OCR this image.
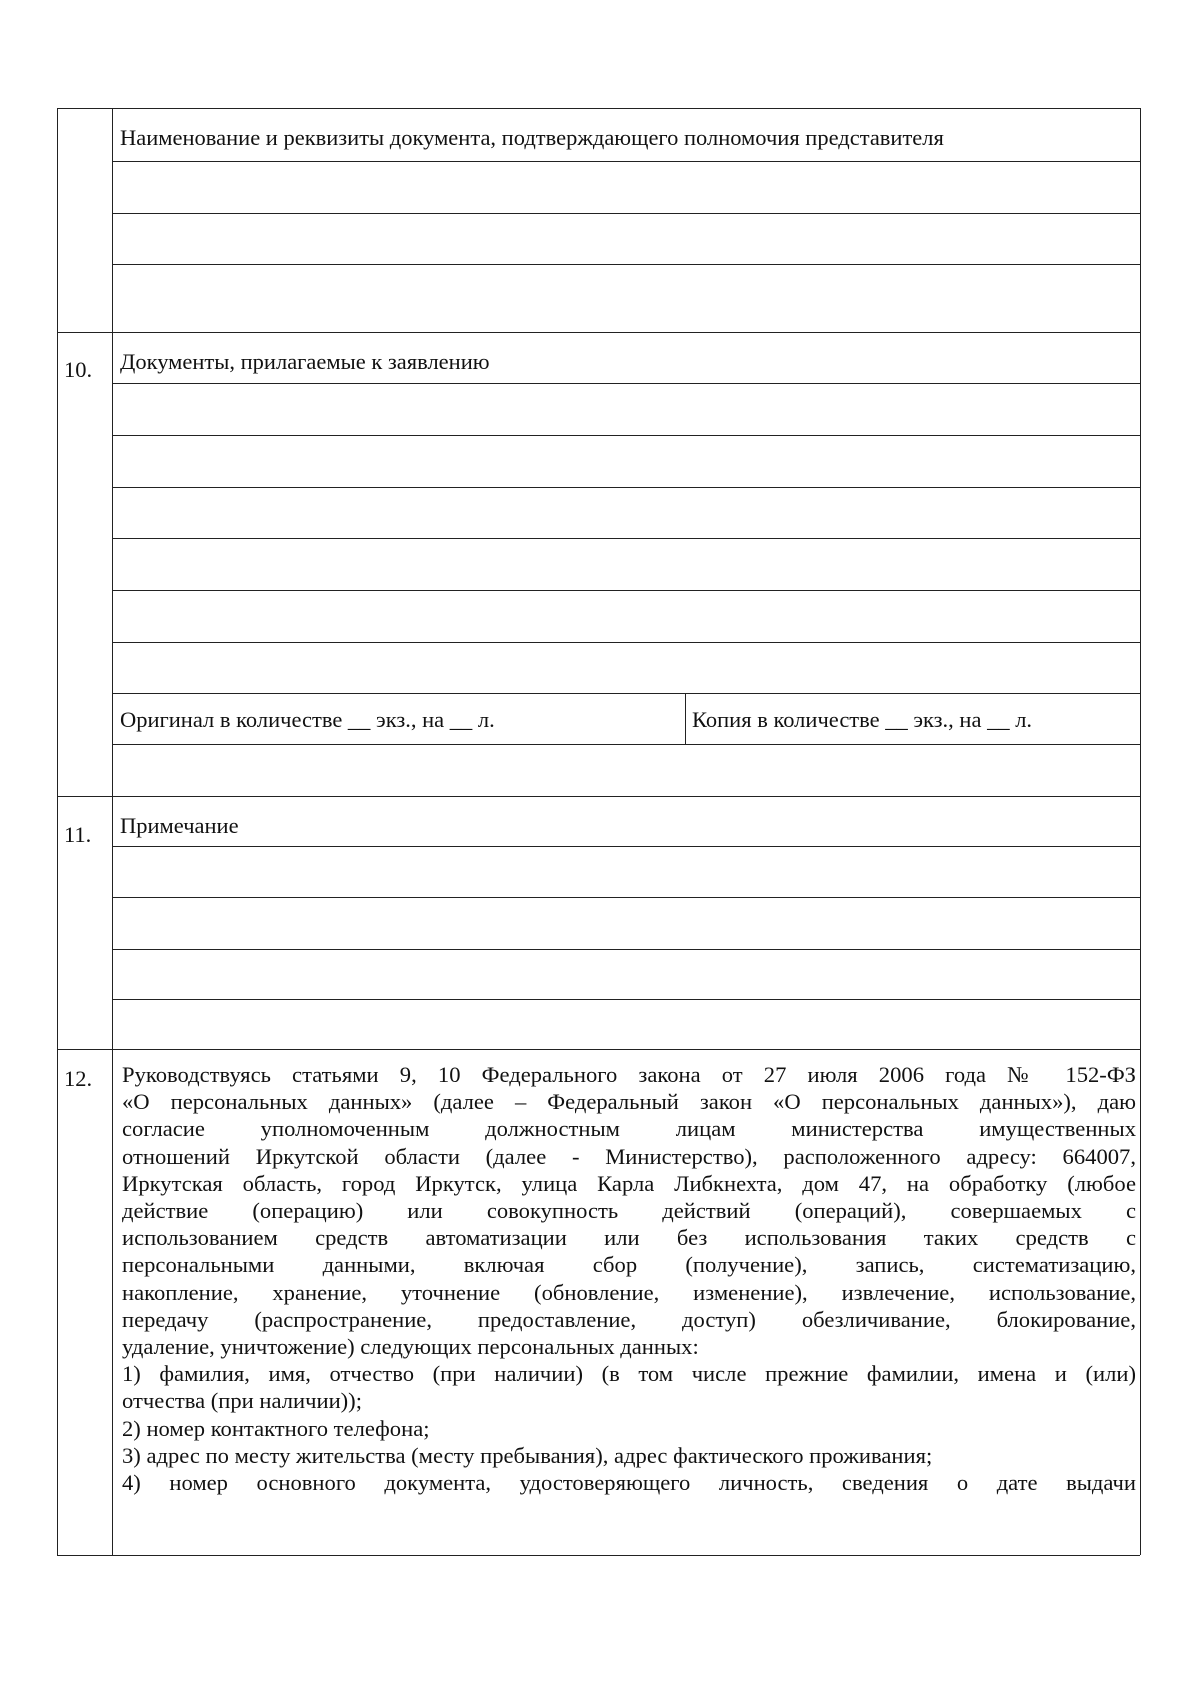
Наименование и реквизиты документа, подтверждающего полномочия представителя
10. Документы, прилагаемые к заявлению
Оригинал в количестве __ экз., на __ л.	Копия в количестве __ экз., на __ л.
11. Примечание
12. Руководствуясь статьями 9, 10 Федерального закона от 27 июля 2006 года № 152-ФЗ
«О персональных данных» (далее – Федеральный закон «О персональных данных»), даю
согласие уполномоченным должностным лицам министерства имущественных
отношений Иркутской области (далее - Министерство), расположенного адресу: 664007,
Иркутская область, город Иркутск, улица Карла Либкнехта, дом 47, на обработку (любое
действие (операцию) или совокупность действий (операций), совершаемых с
использованием средств автоматизации или без использования таких средств с
персональными данными, включая сбор (получение), запись, систематизацию,
накопление, хранение, уточнение (обновление, изменение), извлечение, использование,
передачу (распространение, предоставление, доступ) обезличивание, блокирование,
удаление, уничтожение) следующих персональных данных:
1) фамилия, имя, отчество (при наличии) (в том числе прежние фамилии, имена и (или)
отчества (при наличии));
2) номер контактного телефона;
3) адрес по месту жительства (месту пребывания), адрес фактического проживания;
4) номер основного документа, удостоверяющего личность, сведения о дате выдачи
